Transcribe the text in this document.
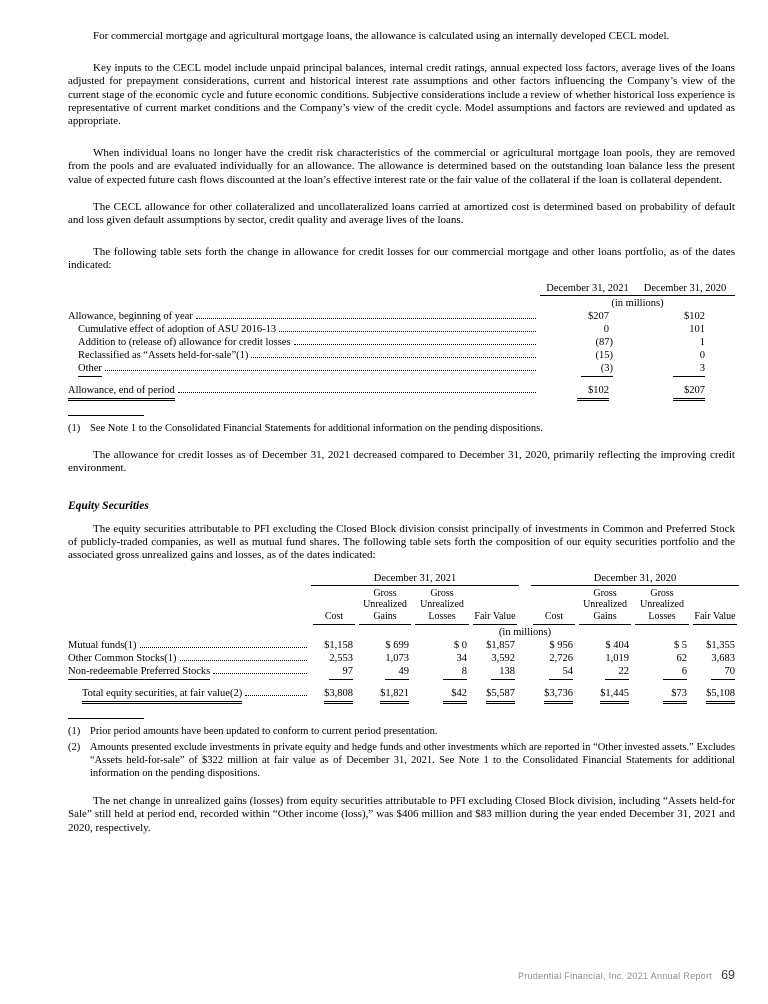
For commercial mortgage and agricultural mortgage loans, the allowance is calculated using an internally developed CECL model.

Key inputs to the CECL model include unpaid principal balances, internal credit ratings, annual expected loss factors, average lives of the loans adjusted for prepayment considerations, current and historical interest rate assumptions and other factors influencing the Company’s view of the current stage of the economic cycle and future economic conditions. Subjective considerations include a review of whether historical loss experience is representative of current market conditions and the Company’s view of the credit cycle. Model assumptions and factors are reviewed and updated as appropriate.

When individual loans no longer have the credit risk characteristics of the commercial or agricultural mortgage loan pools, they are removed from the pools and are evaluated individually for an allowance. The allowance is determined based on the outstanding loan balance less the present value of expected future cash flows discounted at the loan’s effective interest rate or the fair value of the collateral if the loan is collateral dependent.

The CECL allowance for other collateralized and uncollateralized loans carried at amortized cost is determined based on probability of default and loss given default assumptions by sector, credit quality and average lives of the loans.

The following table sets forth the change in allowance for credit losses for our commercial mortgage and other loans portfolio, as of the dates indicated:

	December 31, 2021	December 31, 2020

	(in millions)	

Allowance, beginning of year	$207	$102

Cumulative effect of adoption of ASU 2016-13	0	101

Addition to (release of) allowance for credit losses	(87)	1

Reclassified as “Assets held-for-sale”(1)	(15)	0

Other	(3)	3

Allowance, end of period	$102	$207
(1) See Note 1 to the Consolidated Financial Statements for additional information on the pending dispositions.

The allowance for credit losses as of December 31, 2021 decreased compared to December 31, 2020, primarily reflecting the improving credit environment.

Equity Securities

The equity securities attributable to PFI excluding the Closed Block division consist principally of investments in Common and Preferred Stock of publicly-traded companies, as well as mutual fund shares. The following table sets forth the composition of our equity securities portfolio and the associated gross unrealized gains and losses, as of the dates indicated:

	December 31, 2021					December 31, 2020			

	Cost	Gross Unrealized Gains	Gross Unrealized Losses	Fair Value		Cost	Gross Unrealized Gains	Gross Unrealized Losses	Fair Value

	(in millions)								

Mutual funds(1)	$1,158	$ 699	$ 0	$1,857		$ 956	$ 404	$ 5	$1,355

Other Common Stocks(1)	2,553	1,073	34	3,592		2,726	1,019	62	3,683

Non-redeemable Preferred Stocks	97	49	8	138		54	22	6	70

Total equity securities, at fair value(2)	$3,808	$1,821	$42	$5,587		$3,736	$1,445	$73	$5,108
(1) Prior period amounts have been updated to conform to current period presentation.
(2) Amounts presented exclude investments in private equity and hedge funds and other investments which are reported in “Other invested assets.” Excludes “Assets held-for-sale” of $322 million at fair value as of December 31, 2021. See Note 1 to the Consolidated Financial Statements for additional information on the pending dispositions.

The net change in unrealized gains (losses) from equity securities attributable to PFI excluding Closed Block division, including “Assets held-for Sale” still held at period end, recorded within “Other income (loss),” was $406 million and $83 million during the year ended December 31, 2021 and 2020, respectively.

Prudential Financial, Inc. 2021 Annual Report 69
